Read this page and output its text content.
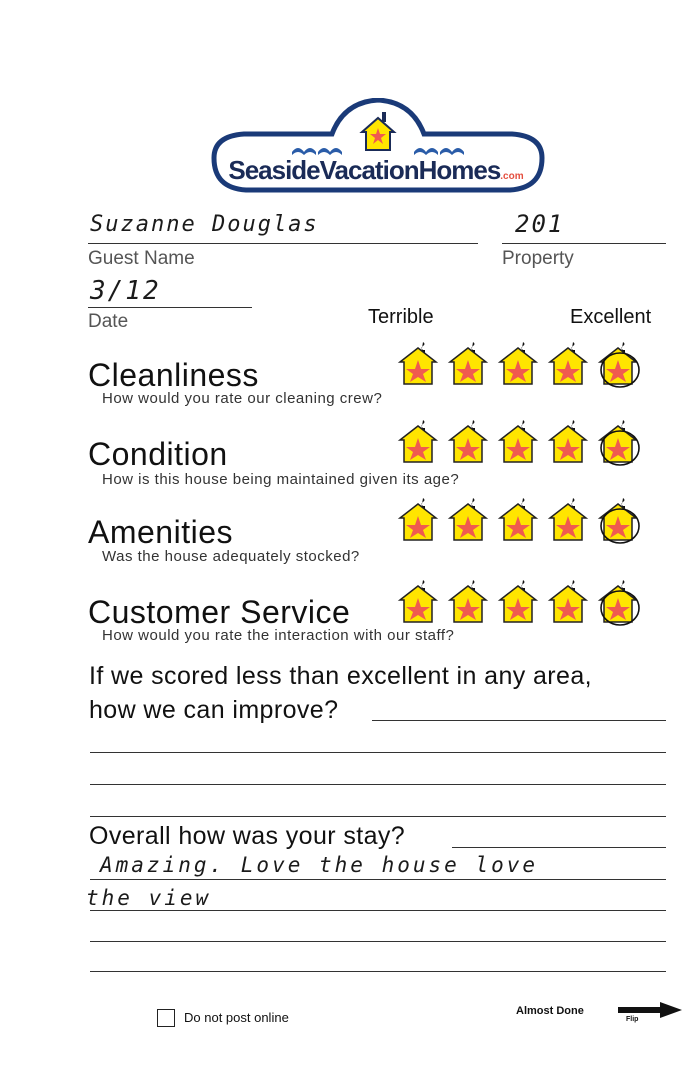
SeasideVacationHomes.com
Suzanne Douglas
Guest Name
201
Property
3/12
Date	Terrible	Excellent
Cleanliness
How would you rate our cleaning crew?
Condition
How is this house being maintained given its age?
Amenities
Was the house adequately stocked?
Customer Service
How would you rate the interaction with our staff?
If we scored less than excellent in any area,
how we can improve?
Overall how was your stay?
Amazing. Love the house love
the view
Do not post online	Almost Done
Flip
